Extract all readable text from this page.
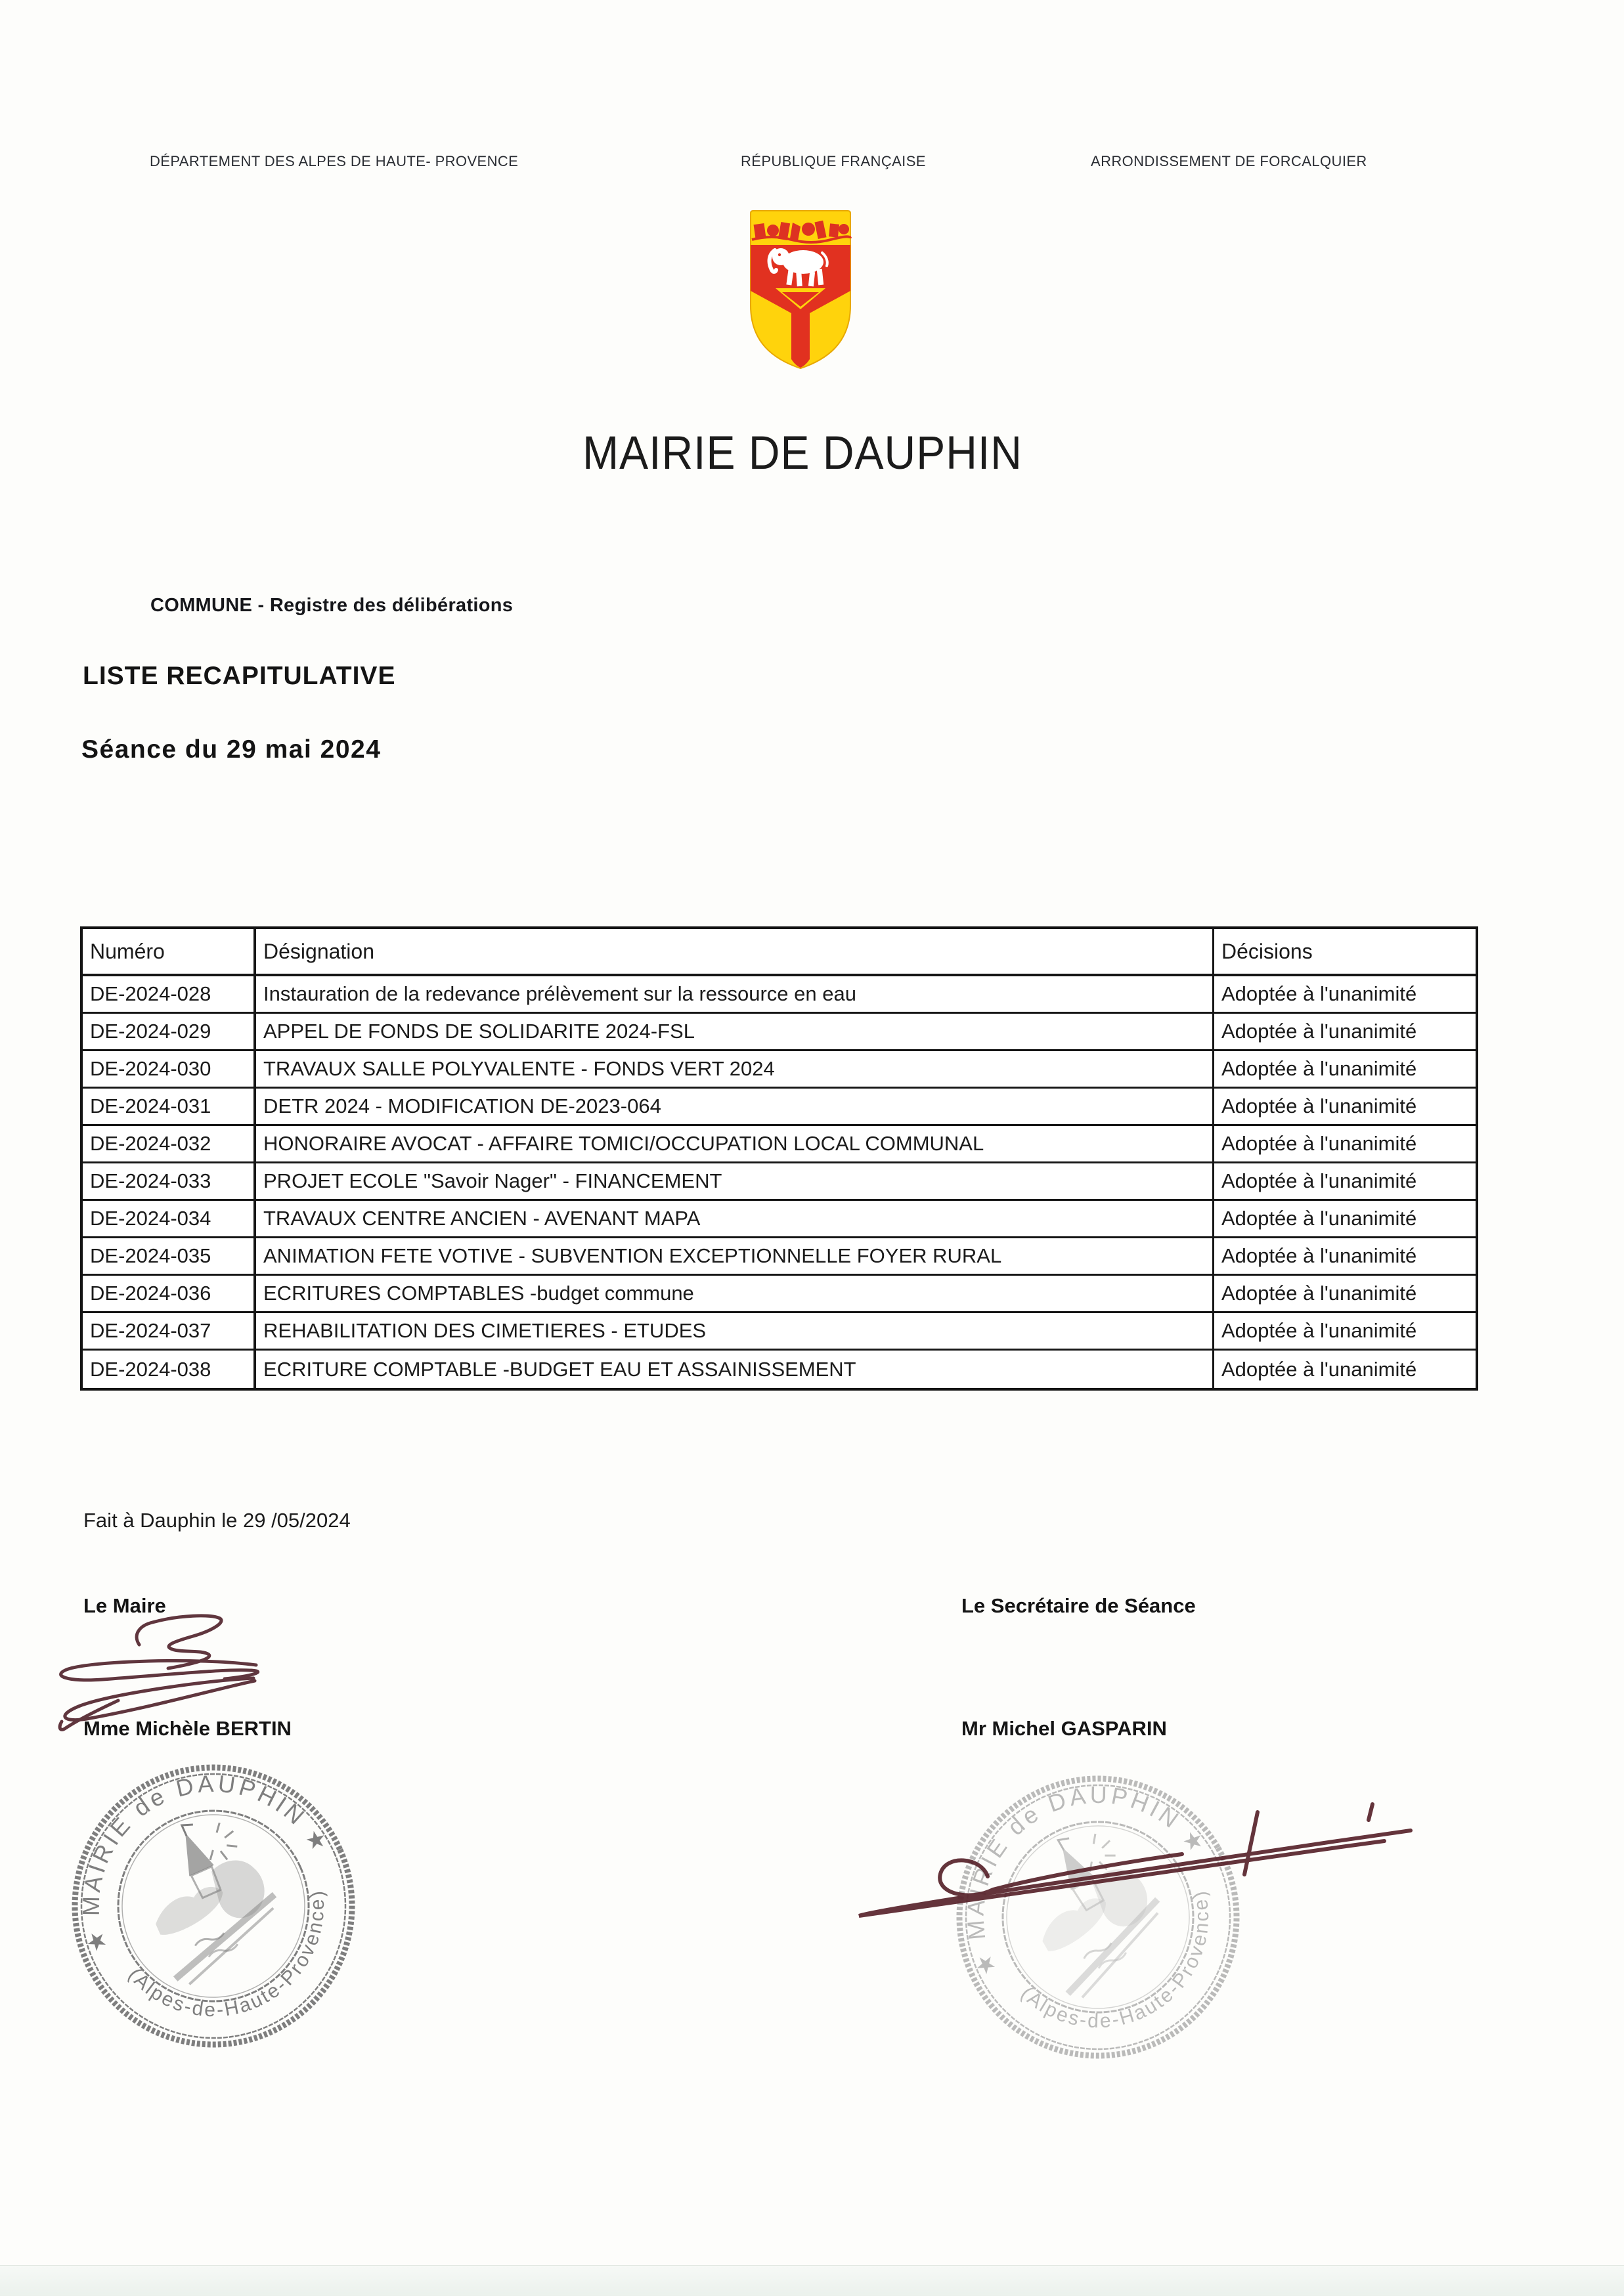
DÉPARTEMENT DES ALPES DE HAUTE- PROVENCE	RÉPUBLIQUE FRANÇAISE	ARRONDISSEMENT DE FORCALQUIER
MAIRIE DE DAUPHIN
COMMUNE - Registre des délibérations
LISTE RECAPITULATIVE
Séance du 29 mai 2024
Numéro	Désignation	Décisions
DE-2024-028	Instauration de la redevance prélèvement sur la ressource en eau	Adoptée à l'unanimité
DE-2024-029	APPEL DE FONDS DE SOLIDARITE 2024-FSL	Adoptée à l'unanimité
DE-2024-030	TRAVAUX SALLE POLYVALENTE - FONDS VERT 2024	Adoptée à l'unanimité
DE-2024-031	DETR 2024 - MODIFICATION DE-2023-064	Adoptée à l'unanimité
DE-2024-032	HONORAIRE AVOCAT - AFFAIRE TOMICI/OCCUPATION LOCAL COMMUNAL	Adoptée à l'unanimité
DE-2024-033	PROJET ECOLE "Savoir Nager" - FINANCEMENT	Adoptée à l'unanimité
DE-2024-034	TRAVAUX CENTRE ANCIEN - AVENANT MAPA	Adoptée à l'unanimité
DE-2024-035	ANIMATION FETE VOTIVE - SUBVENTION EXCEPTIONNELLE FOYER RURAL	Adoptée à l'unanimité
DE-2024-036	ECRITURES COMPTABLES -budget commune	Adoptée à l'unanimité
DE-2024-037	REHABILITATION DES CIMETIERES - ETUDES	Adoptée à l'unanimité
DE-2024-038	ECRITURE COMPTABLE -BUDGET EAU ET ASSAINISSEMENT	Adoptée à l'unanimité
Fait à Dauphin le 29 /05/2024
Le Maire	Le Secrétaire de Séance
Mme Michèle BERTIN	Mr Michel GASPARIN
★ MAIRIE de DAUPHIN ★
(Alpes-de-Haute-Provence)
★ MAIRIE de DAUPHIN ★
(Alpes-de-Haute-Provence)
